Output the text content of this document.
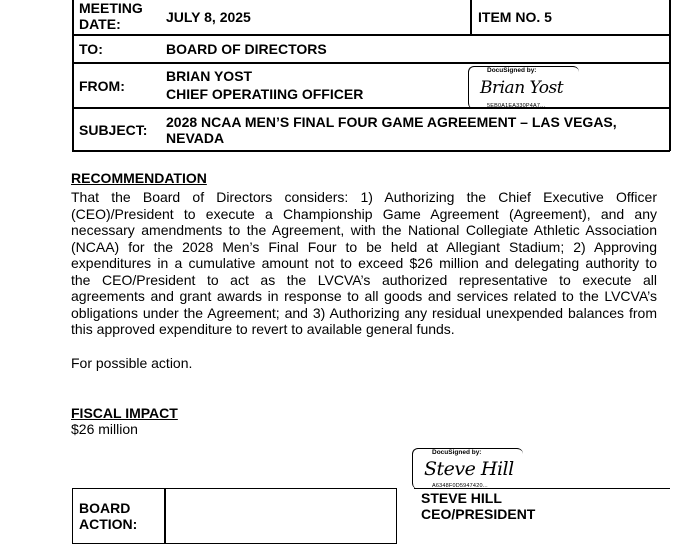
MEETING
DATE:	JULY 8, 2025	ITEM NO. 5
TO:	BOARD OF DIRECTORS
FROM:
BRIAN YOST
CHIEF OPERATIING OFFICER
SUBJECT: 2028 NCAA MEN’S FINAL FOUR GAME AGREEMENT – LAS VEGAS,
NEVADA
DocuSigned by:
Brian Yost
5EB0A1EA330P4A7...
RECOMMENDATION
That the Board of Directors considers: 1) Authorizing the Chief Executive Officer
(CEO)/President to execute a Championship Game Agreement (Agreement), and any
necessary amendments to the Agreement, with the National Collegiate Athletic Association
(NCAA) for the 2028 Men’s Final Four to be held at Allegiant Stadium; 2) Approving
expenditures in a cumulative amount not to exceed $26 million and delegating authority to
the CEO/President to act as the LVCVA’s authorized representative to execute all
agreements and grant awards in response to all goods and services related to the LVCVA’s
obligations under the Agreement; and 3) Authorizing any residual unexpended balances from
this approved expenditure to revert to available general funds.
For possible action.
FISCAL IMPACT
$26 million
BOARD
ACTION:
DocuSigned by:
Steve Hill
A6348F0D5947420...
STEVE HILL
CEO/PRESIDENT
